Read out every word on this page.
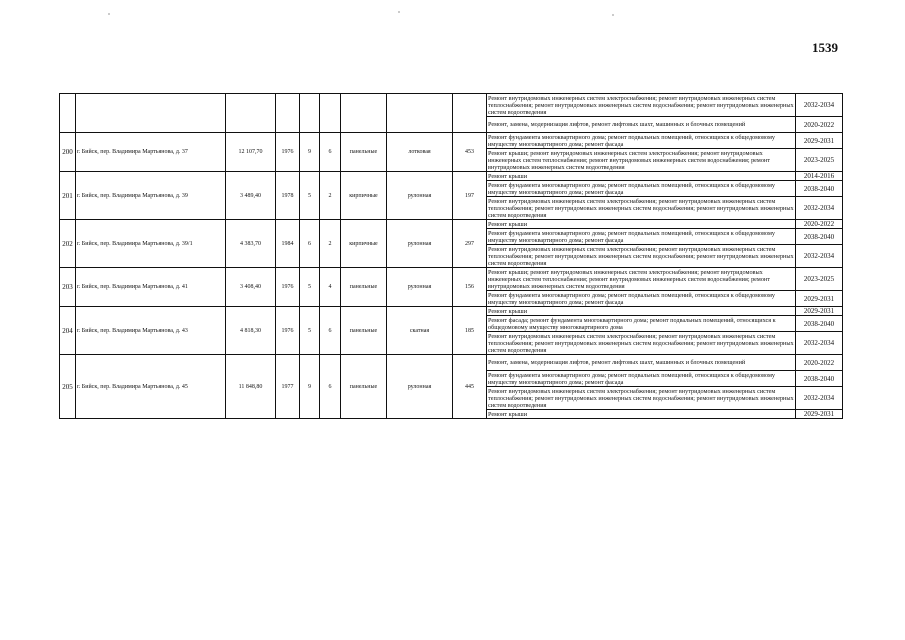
1539
									Ремонт внутридомовых инженерных систем электроснабжения; ремонт внутридомовых инженерных систем теплоснабжения; ремонт внутридомовых инженерных систем водоснабжения; ремонт внутридомовых инженерных систем водоотведения	2032-2034
									Ремонт, замена, модернизация лифтов, ремонт лифтовых шахт, машинных и блочных помещений	2020-2022
200	г. Бийск, пер. Владимира Мартьянова, д. 37	12 107,70	1976	9	6	панельные	лотковая	453	Ремонт фундамента многоквартирного дома; ремонт подвальных помещений, относящихся к общедомовому имуществу многоквартирного дома; ремонт фасада	2029-2031
									Ремонт крыши; ремонт внутридомовых инженерных систем электроснабжения; ремонт внутридомовых инженерных систем теплоснабжения; ремонт внутридомовых инженерных систем водоснабжения; ремонт внутридомовых инженерных систем водоотведения	2023-2025
201	г. Бийск, пер. Владимира Мартьянова, д. 39	3 489,40	1978	5	2	кирпичные	рулонная	197	Ремонт крыши	2014-2016
									Ремонт фундамента многоквартирного дома; ремонт подвальных помещений, относящихся к общедомовому имуществу многоквартирного дома; ремонт фасада	2038-2040
									Ремонт внутридомовых инженерных систем электроснабжения; ремонт внутридомовых инженерных систем теплоснабжения; ремонт внутридомовых инженерных систем водоснабжения; ремонт внутридомовых инженерных систем водоотведения	2032-2034
202	г. Бийск, пер. Владимира Мартьянова, д. 39/1	4 383,70	1984	6	2	кирпичные	рулонная	297	Ремонт крыши	2020-2022
									Ремонт фундамента многоквартирного дома; ремонт подвальных помещений, относящихся к общедомовому имуществу многоквартирного дома; ремонт фасада	2038-2040
									Ремонт внутридомовых инженерных систем электроснабжения; ремонт внутридомовых инженерных систем теплоснабжения; ремонт внутридомовых инженерных систем водоснабжения; ремонт внутридомовых инженерных систем водоотведения	2032-2034
203	г. Бийск, пер. Владимира Мартьянова, д. 41	3 408,40	1976	5	4	панельные	рулонная	156	Ремонт крыши; ремонт внутридомовых инженерных систем электроснабжения; ремонт внутридомовых инженерных систем теплоснабжения; ремонт внутридомовых инженерных систем водоснабжения; ремонт внутридомовых инженерных систем водоотведения	2023-2025
									Ремонт фундамента многоквартирного дома; ремонт подвальных помещений, относящихся к общедомовому имуществу многоквартирного дома; ремонт фасада	2029-2031
204	г. Бийск, пер. Владимира Мартьянова, д. 43	4 818,30	1976	5	6	панельные	скатная	185	Ремонт крыши	2029-2031
									Ремонт фасада; ремонт фундамента многоквартирного дома; ремонт подвальных помещений, относящихся к общедомовому имуществу многоквартирного дома	2038-2040
									Ремонт внутридомовых инженерных систем электроснабжения; ремонт внутридомовых инженерных систем теплоснабжения; ремонт внутридомовых инженерных систем водоснабжения; ремонт внутридомовых инженерных систем водоотведения	2032-2034
205	г. Бийск, пер. Владимира Мартьянова, д. 45	11 848,80	1977	9	6	панельные	рулонная	445	Ремонт, замена, модернизация лифтов, ремонт лифтовых шахт, машинных и блочных помещений	2020-2022
									Ремонт фундамента многоквартирного дома; ремонт подвальных помещений, относящихся к общедомовому имуществу многоквартирного дома; ремонт фасада	2038-2040
									Ремонт внутридомовых инженерных систем электроснабжения; ремонт внутридомовых инженерных систем теплоснабжения; ремонт внутридомовых инженерных систем водоснабжения; ремонт внутридомовых инженерных систем водоотведения	2032-2034
									Ремонт крыши	2029-2031
